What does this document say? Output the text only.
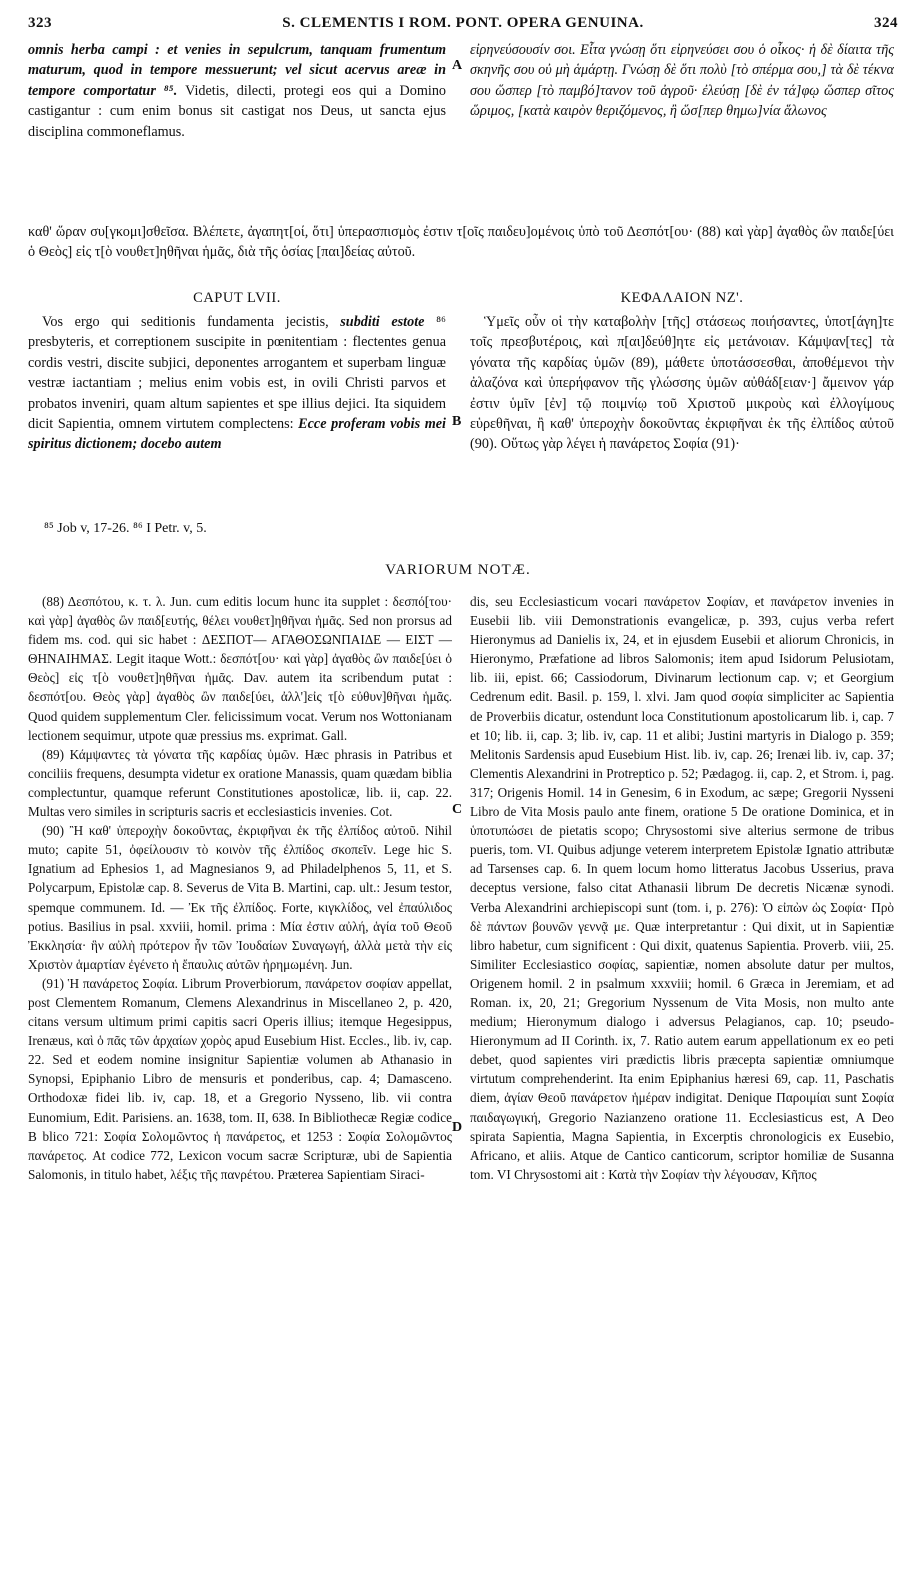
323	S. CLEMENTIS I ROM. PONT. OPERA GENUINA.	324

omnis herba campi : et venies in sepulcrum, tanquam frumentum maturum, quod in tempore messuerunt; vel sicut acervus areæ in tempore comportatur ⁸⁵. Videtis, dilecti, protegi eos qui a Domino castigantur : cum enim bonus sit castigat nos Deus, ut sancta ejus disciplina commoneflamus.

A

εἰρηνεύσουσίν σοι. Εἶτα γνώσῃ ὅτι εἰρηνεύσει σου ὁ οἶκος· ἡ δὲ δίαιτα τῆς σκηνῆς σου οὐ μὴ ἁμάρτῃ. Γνώσῃ δὲ ὅτι πολὺ [τὸ σπέρμα σου,] τὰ δὲ τέκνα σου ὥσπερ [τὸ παμβό]τανον τοῦ ἀγροῦ· ἐλεύσῃ [δὲ ἐν τά]φῳ ὥσπερ σῖτος ὥριμος, [κατὰ καιρὸν θεριζόμενος, ἢ ὥσ[περ θημω]νία ἅλωνος

καθ' ὥραν συ[γκομι]σθεῖσα. Βλέπετε, ἀγαπητ[οί, ὅτι] ὑπερασπισμὸς ἐστιν τ[οῖς παιδευ]ομένοις ὑπὸ τοῦ Δεσπότ[ου· (88) καὶ γὰρ] ἀγαθὸς ὢν παιδε[ύει ὁ Θεὸς] εἰς τ[ὸ νουθετ]ηθῆναι ἡμᾶς, διὰ τῆς ὁσίας [παι]δείας αὐτοῦ.
CAPUT LVII.	ΚΕΦΑΛΑΙΟΝ ΝΖ'.

Vos ergo qui seditionis fundamenta jecistis, subditi estote ⁸⁶ presbyteris, et correptionem suscipite in pœnitentiam : flectentes genua cordis vestri, discite subjici, deponentes arrogantem et superbam linguæ vestræ iactantiam ; melius enim vobis est, in ovili Christi parvos et probatos inveniri, quam altum sapientes et spe illius dejici. Ita siquidem dicit Sapientia, omnem virtutem complectens: Ecce proferam vobis mei spiritus dictionem; docebo autem

B

Ὑμεῖς οὖν οἱ τὴν καταβολὴν [τῆς] στάσεως ποιήσαντες, ὑποτ[άγη]τε τοῖς πρεσβυτέροις, καὶ π[αι]δεύθ]ητε εἰς μετάνοιαν. Κάμψαν[τες] τὰ γόνατα τῆς καρδίας ὑμῶν (89), μάθετε ὑποτάσσεσθαι, ἀποθέμενοι τὴν ἀλαζόνα καὶ ὑπερήφανον τῆς γλώσσης ὑμῶν αὐθάδ[ειαν·] ἄμεινον γάρ ἐστιν ὑμῖν [ἐν] τῷ ποιμνίῳ τοῦ Χριστοῦ μικροὺς καὶ ἐλλογίμους εὑρεθῆναι, ἢ καθ' ὑπεροχὴν δοκοῦντας ἐκριφῆναι ἐκ τῆς ἐλπίδος αὐτοῦ (90). Οὕτως γὰρ λέγει ἡ πανάρετος Σοφία (91)·

⁸⁵ Job v, 17-26. ⁸⁶ I Petr. v, 5.
VARIORUM NOTÆ.

(88) Δεσπότου, κ. τ. λ. Jun. cum editis locum hunc ita supplet : δεσπό[του· καὶ γὰρ] ἀγαθὸς ὢν παιδ[ευτής, θέλει νουθετ]ηθῆναι ἡμᾶς. Sed non prorsus ad fidem ms. cod. qui sic habet : ΔΕΣΠΟΤ— ΑΓΑΘΟΣΩΝΠΑΙΔΕ — ΕΙΣΤ — ΘΗΝΑΙΗΜΑΣ. Legit itaque Wott.: δεσπότ[ου· καὶ γὰρ] ἀγαθὸς ὢν παιδε[ύει ὁ Θεὸς] εἰς τ[ὸ νουθετ]ηθῆναι ἡμᾶς. Dav. autem ita scribendum putat : δεσπότ[ου. Θεὸς γὰρ] ἀγαθὸς ὢν παιδε[ύει, ἀλλ']εἰς τ[ὸ εὐθυν]θῆναι ἡμᾶς. Quod quidem supplementum Cler. felicissimum vocat. Verum nos Wottonianam lectionem sequimur, utpote quæ pressius ms. exprimat. Gall.

(89) Κάμψαντες τὰ γόνατα τῆς καρδίας ὑμῶν. Hæc phrasis in Patribus et conciliis frequens, desumpta videtur ex oratione Manassis, quam quædam biblia complectuntur, quamque referunt Constitutiones apostolicæ, lib. ii, cap. 22. Multas vero similes in scripturis sacris et ecclesiasticis invenies. Cot.

(90) Ἢ καθ' ὑπεροχὴν δοκοῦντας, ἐκριφῆναι ἐκ τῆς ἐλπίδος αὐτοῦ. Nihil muto; capite 51, ὀφείλουσιν τὸ κοινὸν τῆς ἐλπίδος σκοπεῖν. Lege hic S. Ignatium ad Ephesios 1, ad Magnesianos 9, ad Philadelphenos 5, 11, et S. Polycarpum, Epistolæ cap. 8. Severus de Vita B. Martini, cap. ult.: Jesum testor, spemque communem. Id. — Ἐκ τῆς ἐλπίδος. Forte, κιγκλίδος, vel ἐπαύλιδος potius. Basilius in psal. xxviii, homil. prima : Μία ἐστιν αὐλή, ἁγία τοῦ Θεοῦ Ἐκκλησία· ἣν αὐλὴ πρότερον ἦν τῶν Ἰουδαίων Συναγωγή, ἀλλὰ μετὰ τὴν εἰς Χριστὸν ἁμαρτίαν ἐγένετο ἡ ἔπαυλις αὐτῶν ἠρημωμένη. Jun.

(91) Ἡ πανάρετος Σοφία. Librum Proverbiorum, πανάρετον σοφίαν appellat, post Clementem Romanum, Clemens Alexandrinus in Miscellaneo 2, p. 420, citans versum ultimum primi capitis sacri Operis illius; itemque Hegesippus, Irenæus, καὶ ὁ πᾶς τῶν ἀρχαίων χορὸς apud Eusebium Hist. Eccles., lib. iv, cap. 22. Sed et eodem nomine insignitur Sapientiæ volumen ab Athanasio in Synopsi, Epiphanio Libro de mensuris et ponderibus, cap. 4; Damasceno. Orthodoxæ fidei lib. iv, cap. 18, et a Gregorio Nysseno, lib. vii contra Eunomium, Edit. Parisiens. an. 1638, tom. II, 638. In Bibliothecæ Regiæ codice B blico 721: Σοφία Σολομῶντος ἡ πανάρετος, et 1253 : Σοφία Σολομῶντος πανάρετος. At codice 772, Lexicon vocum sacræ Scripturæ, ubi de Sapientia Salomonis, in titulo habet, λέξις τῆς πανρέτου. Præterea Sapientiam Siraci-

C
D

dis, seu Ecclesiasticum vocari πανάρετον Σοφίαν, et πανάρετον invenies in Eusebii lib. viii Demonstrationis evangelicæ, p. 393, cujus verba refert Hieronymus ad Danielis ix, 24, et in ejusdem Eusebii et aliorum Chronicis, in Hieronymo, Præfatione ad libros Salomonis; item apud Isidorum Pelusiotam, lib. iii, epist. 66; Cassiodorum, Divinarum lectionum cap. v; et Georgium Cedrenum edit. Basil. p. 159, l. xlvi. Jam quod σοφία simpliciter ac Sapientia de Proverbiis dicatur, ostendunt loca Constitutionum apostolicarum lib. i, cap. 7 et 10; lib. ii, cap. 3; lib. iv, cap. 11 et alibi; Justini martyris in Dialogo p. 359; Melitonis Sardensis apud Eusebium Hist. lib. iv, cap. 26; Irenæi lib. iv, cap. 37; Clementis Alexandrini in Protreptico p. 52; Pædagog. ii, cap. 2, et Strom. i, pag. 317; Origenis Homil. 14 in Genesim, 6 in Exodum, ac sæpe; Gregorii Nysseni Libro de Vita Mosis paulo ante finem, oratione 5 De oratione Dominica, et in ὑποτυπώσει de pietatis scopo; Chrysostomi sive alterius sermone de tribus pueris, tom. VI. Quibus adjunge veterem interpretem Epistolæ Ignatio attributæ ad Tarsenses cap. 6. In quem locum homo litteratus Jacobus Usserius, prava deceptus versione, falso citat Athanasii librum De decretis Nicænæ synodi. Verba Alexandrini archiepiscopi sunt (tom. i, p. 276): Ὁ εἰπὼν ὡς Σοφία· Πρὸ δὲ πάντων βουνῶν γεννᾷ με. Quæ interpretantur : Qui dixit, ut in Sapientiæ libro habetur, cum significent : Qui dixit, quatenus Sapientia. Proverb. viii, 25. Similiter Ecclesiastico σοφίας, sapientiæ, nomen absolute datur per multos, Origenem homil. 2 in psalmum xxxviii; homil. 6 Græca in Jeremiam, et ad Roman. ix, 20, 21; Gregorium Nyssenum de Vita Mosis, non multo ante medium; Hieronymum dialogo i adversus Pelagianos, cap. 10; pseudo-Hieronymum ad II Corinth. ix, 7. Ratio autem earum appellationum ex eo peti debet, quod sapientes viri prædictis libris præcepta sapientiæ omniumque virtutum comprehenderint. Ita enim Epiphanius hæresi 69, cap. 11, Paschatis diem, ἁγίαν Θεοῦ πανάρετον ἡμέραν indigitat. Denique Παροιμίαι sunt Σοφία παιδαγωγική, Gregorio Nazianzeno oratione 11. Ecclesiasticus est, A Deo spirata Sapientia, Magna Sapientia, in Excerptis chronologicis ex Eusebio, Africano, et aliis. Atque de Cantico canticorum, scriptor homiliæ de Susanna tom. VI Chrysostomi ait : Κατὰ τὴν Σοφίαν τὴν λέγουσαν, Κῆπος
